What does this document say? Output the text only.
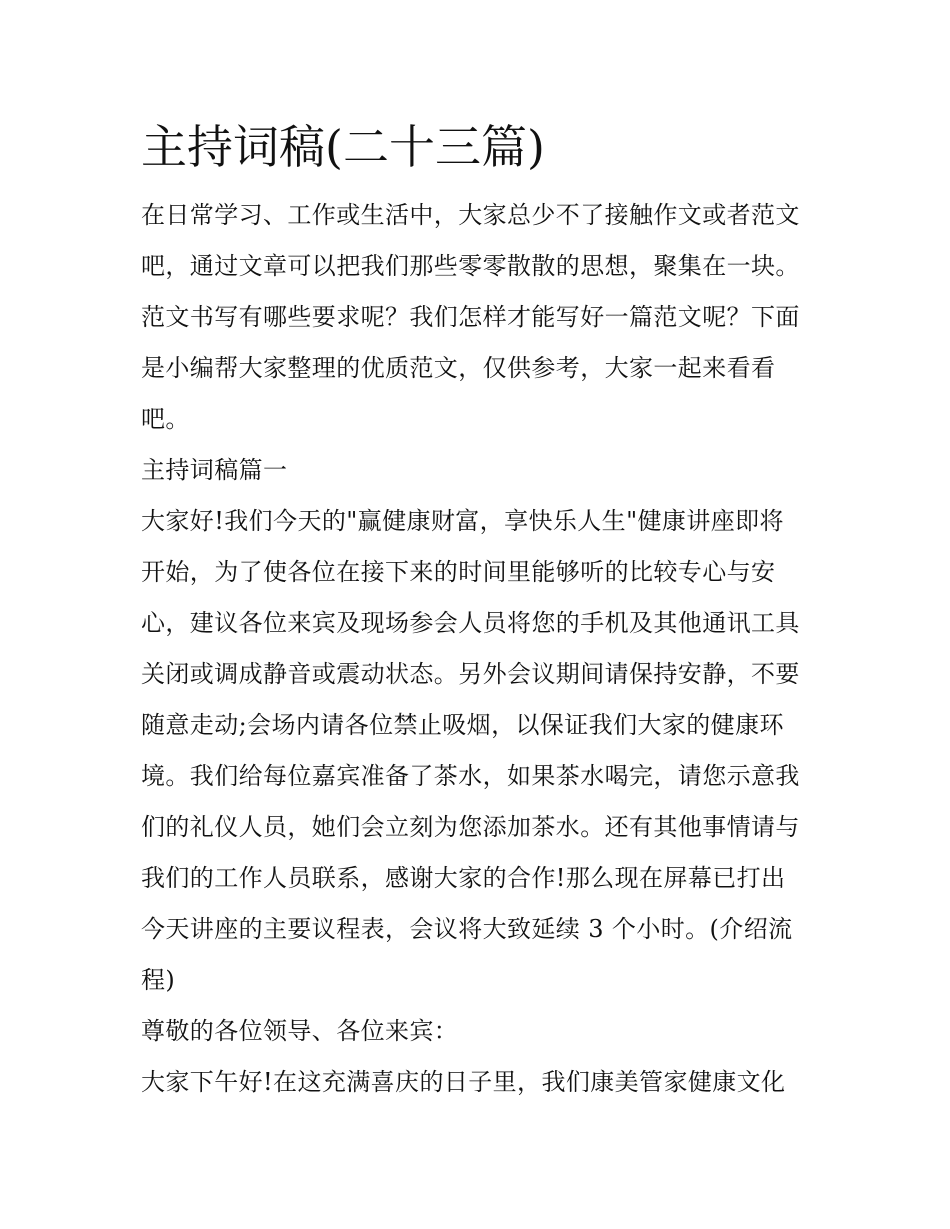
主持词稿(二十三篇)
在日常学习、工作或生活中，大家总少不了接触作文或者范文
吧，通过文章可以把我们那些零零散散的思想，聚集在一块。
范文书写有哪些要求呢？我们怎样才能写好一篇范文呢？下面
是小编帮大家整理的优质范文，仅供参考，大家一起来看看
吧。
主持词稿篇一
大家好!我们今天的"赢健康财富，享快乐人生"健康讲座即将
开始，为了使各位在接下来的时间里能够听的比较专心与安
心，建议各位来宾及现场参会人员将您的手机及其他通讯工具
关闭或调成静音或震动状态。另外会议期间请保持安静，不要
随意走动;会场内请各位禁止吸烟，以保证我们大家的健康环
境。我们给每位嘉宾准备了茶水，如果茶水喝完，请您示意我
们的礼仪人员，她们会立刻为您添加茶水。还有其他事情请与
我们的工作人员联系，感谢大家的合作!那么现在屏幕已打出
今天讲座的主要议程表，会议将大致延续 3 个小时。(介绍流
程)
尊敬的各位领导、各位来宾：
大家下午好!在这充满喜庆的日子里，我们康美管家健康文化
